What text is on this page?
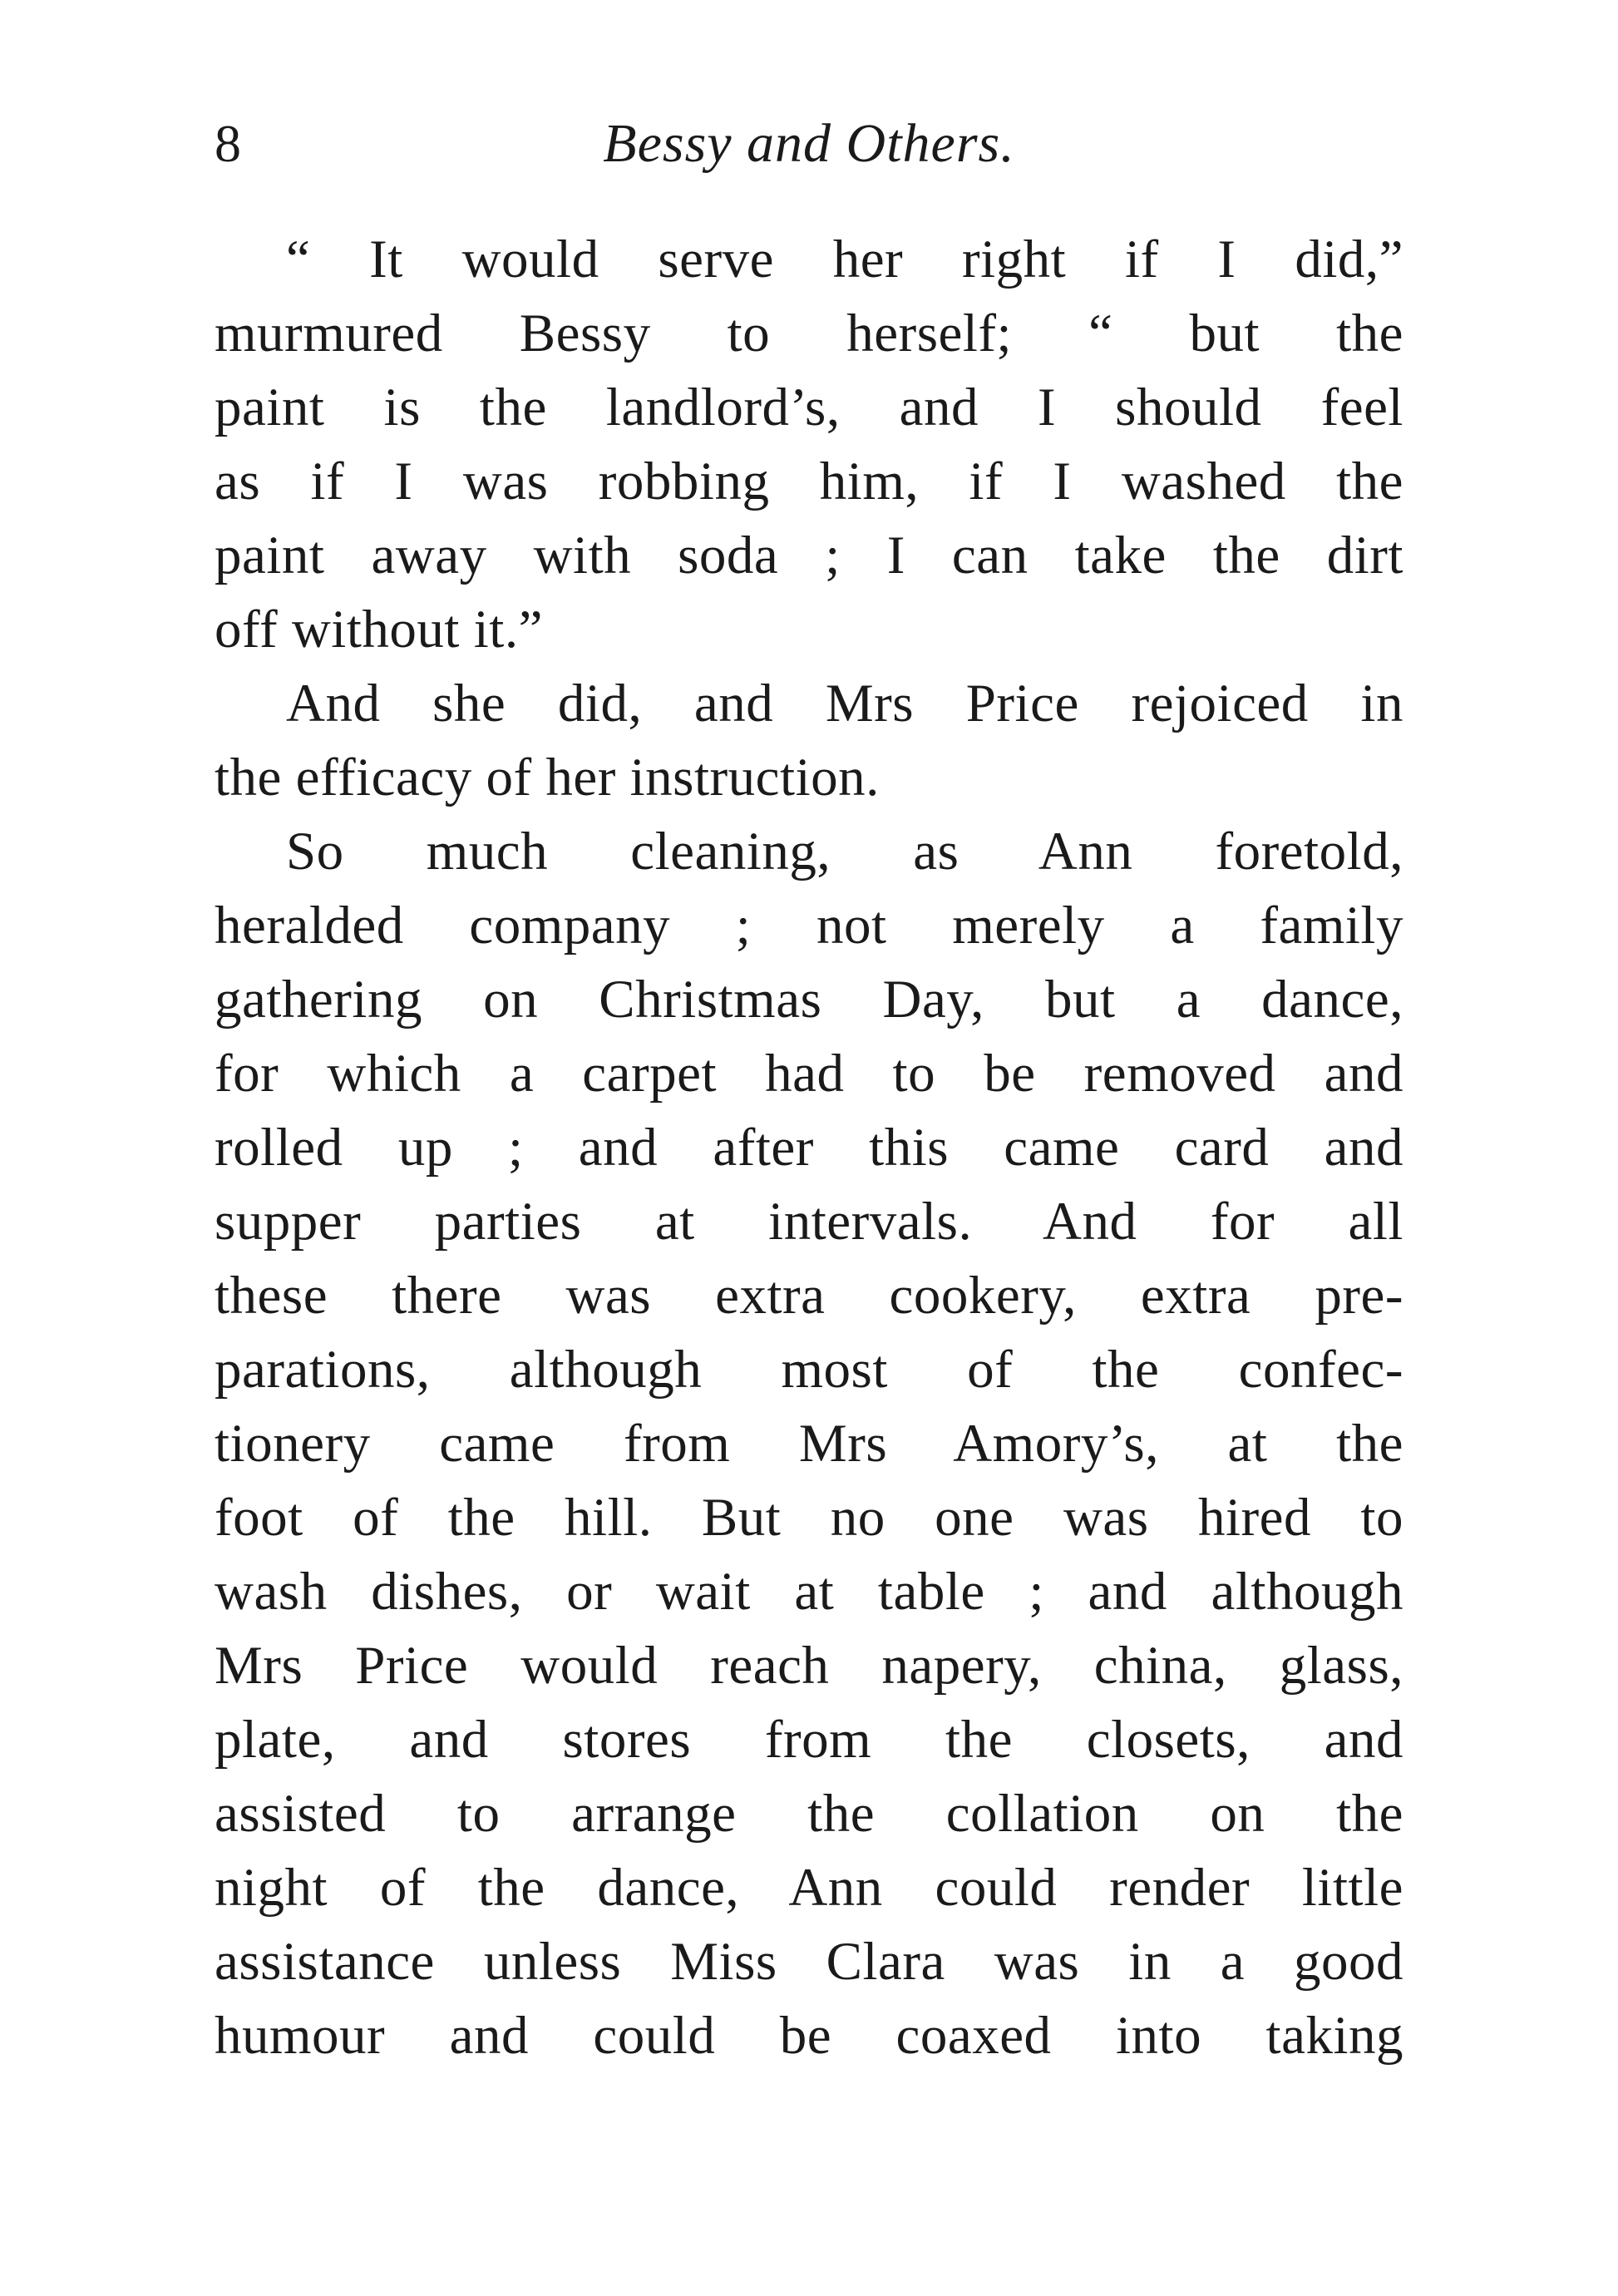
8	Bessy and Others.
“ It would serve her right if I did,”
murmured Bessy to herself; “ but the
paint is the landlord’s, and I should feel
as if I was robbing him, if I washed the
paint away with soda ; I can take the dirt
off without it.”
And she did, and Mrs Price rejoiced in
the efficacy of her instruction.
So much cleaning, as Ann foretold,
heralded company ; not merely a family
gathering on Christmas Day, but a dance,
for which a carpet had to be removed and
rolled up ; and after this came card and
supper parties at intervals. And for all
these there was extra cookery, extra pre-
parations, although most of the confec-
tionery came from Mrs Amory’s, at the
foot of the hill. But no one was hired to
wash dishes, or wait at table ; and although
Mrs Price would reach napery, china, glass,
plate, and stores from the closets, and
assisted to arrange the collation on the
night of the dance, Ann could render little
assistance unless Miss Clara was in a good
humour and could be coaxed into taking
